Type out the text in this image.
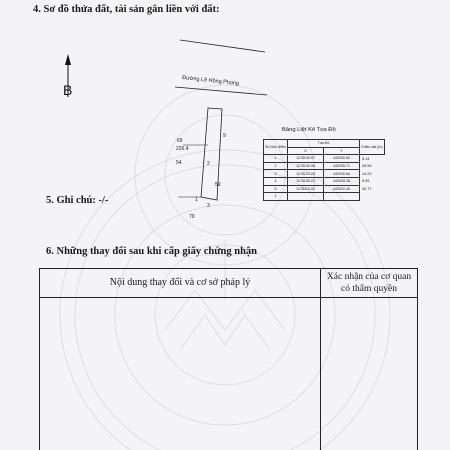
4. Sơ đồ thửa đất, tài sản gắn liền với đất:
B
Đường Lê Hồng Phong
69
226.4
9
54	2
59
1
3
70
Bảng Liệt Kê Tọa Độ
Số hiệu điểm	Tọa Độ		Chiều dài (m)
	X	Y	
1	1178149.97	442930.60	5.14
2	1178149.36	442935.71	26.56
3	1178123.25	442930.84	14.23
4	1178109.22	442928.38	5.99
5	1178110.02	442922.45	40.77
1			
5. Ghi chú: -/-
6. Những thay đổi sau khi cấp giấy chứng nhận
Nội dung thay đổi và cơ sở pháp lý	Xác nhận của cơ quan
có thẩm quyền
